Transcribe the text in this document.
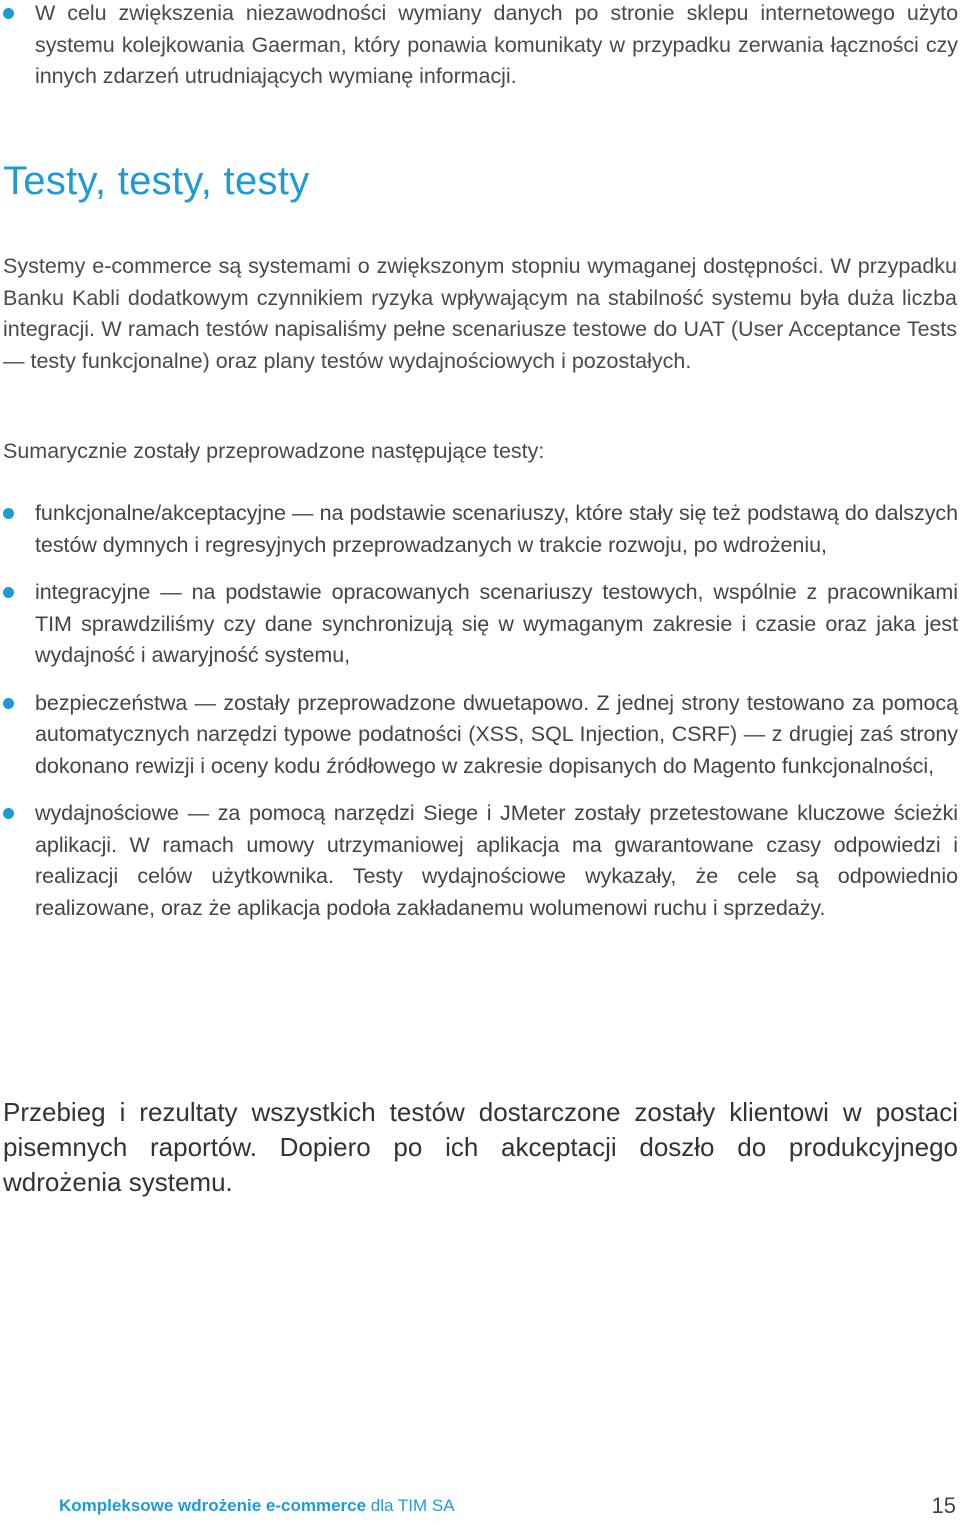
W celu zwiększenia niezawodności wymiany danych po stronie sklepu internetowego użyto systemu kolejkowania Gaerman, który ponawia komunikaty w przypadku zerwania łączności czy innych zdarzeń utrudniających wymianę informacji.
Testy, testy, testy

Systemy e-commerce są systemami o zwiększonym stopniu wymaganej dostępności. W przypadku Banku Kabli dodatkowym czynnikiem ryzyka wpływającym na stabilność systemu była duża liczba integracji. W ramach testów napisaliśmy pełne scenariusze testowe do UAT (User Acceptance Tests — testy funkcjonalne) oraz plany testów wydajnościowych i pozostałych.

Sumarycznie zostały przeprowadzone następujące testy:

funkcjonalne/akceptacyjne — na podstawie scenariuszy, które stały się też podstawą do dalszych testów dymnych i regresyjnych przeprowadzanych w trakcie rozwoju, po wdrożeniu,
integracyjne — na podstawie opracowanych scenariuszy testowych, wspólnie z pracownikami TIM sprawdziliśmy czy dane synchronizują się w wymaganym zakresie i czasie oraz jaka jest wydajność i awaryjność systemu,
bezpieczeństwa — zostały przeprowadzone dwuetapowo. Z jednej strony testowano za pomocą automatycznych narzędzi typowe podatności (XSS, SQL Injection, CSRF) — z drugiej zaś strony dokonano rewizji i oceny kodu źródłowego w zakresie dopisanych do Magento funkcjonalności,
wydajnościowe — za pomocą narzędzi Siege i JMeter zostały przetestowane kluczowe ścieżki aplikacji. W ramach umowy utrzymaniowej aplikacja ma gwarantowane czasy odpowiedzi i realizacji celów użytkownika. Testy wydajnościowe wykazały, że cele są odpowiednio realizowane, oraz że aplikacja podoła zakładanemu wolumenowi ruchu i sprzedaży.

Przebieg i rezultaty wszystkich testów dostarczone zostały klientowi w postaci pisemnych raportów. Dopiero po ich akceptacji doszło do produkcyjnego wdrożenia systemu.

Kompleksowe wdrożenie e-commerce dla TIM SA	15
